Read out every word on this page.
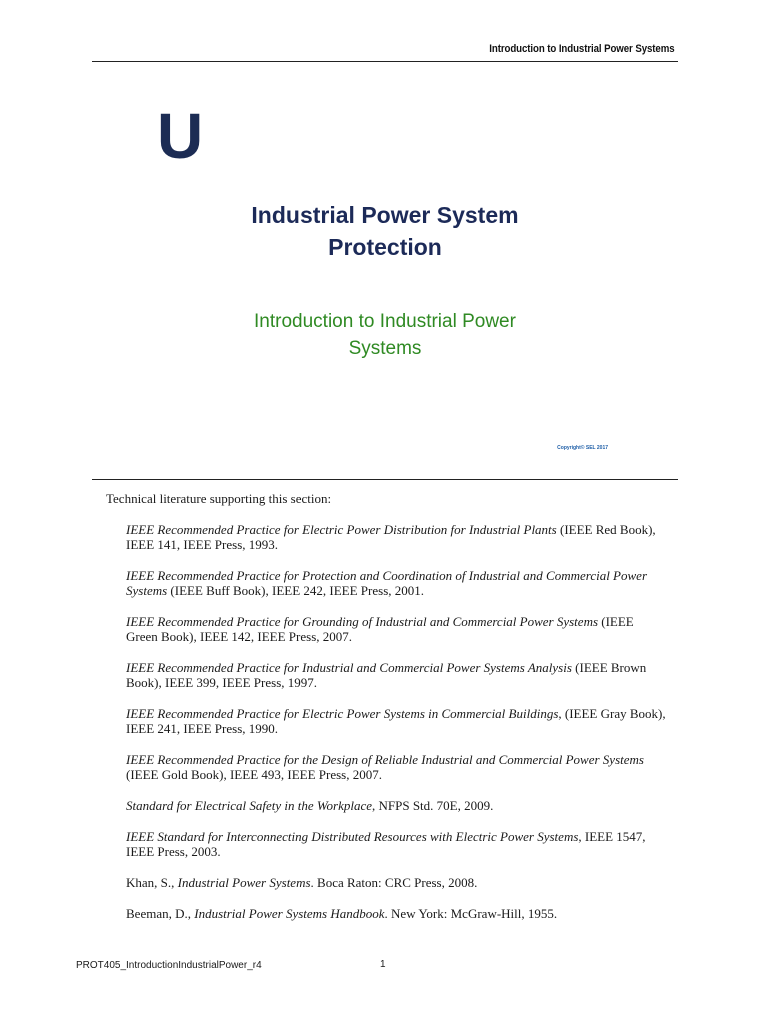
Introduction to Industrial Power Systems
U
Industrial Power System
Protection
Introduction to Industrial Power
Systems
Copyright© SEL 2017
Technical literature supporting this section:
IEEE Recommended Practice for Electric Power Distribution for Industrial Plants (IEEE Red Book), IEEE 141, IEEE Press, 1993.
IEEE Recommended Practice for Protection and Coordination of Industrial and Commercial Power Systems (IEEE Buff Book), IEEE 242, IEEE Press, 2001.
IEEE Recommended Practice for Grounding of Industrial and Commercial Power Systems (IEEE Green Book), IEEE 142, IEEE Press, 2007.
IEEE Recommended Practice for Industrial and Commercial Power Systems Analysis (IEEE Brown Book), IEEE 399, IEEE Press, 1997.
IEEE Recommended Practice for Electric Power Systems in Commercial Buildings, (IEEE Gray Book), IEEE 241, IEEE Press, 1990.
IEEE Recommended Practice for the Design of Reliable Industrial and Commercial Power Systems (IEEE Gold Book), IEEE 493, IEEE Press, 2007.
Standard for Electrical Safety in the Workplace, NFPS Std. 70E, 2009.
IEEE Standard for Interconnecting Distributed Resources with Electric Power Systems, IEEE 1547, IEEE Press, 2003.
Khan, S., Industrial Power Systems. Boca Raton: CRC Press, 2008.
Beeman, D., Industrial Power Systems Handbook. New York: McGraw-Hill, 1955.
PROT405_IntroductionIndustrialPower_r4	1
